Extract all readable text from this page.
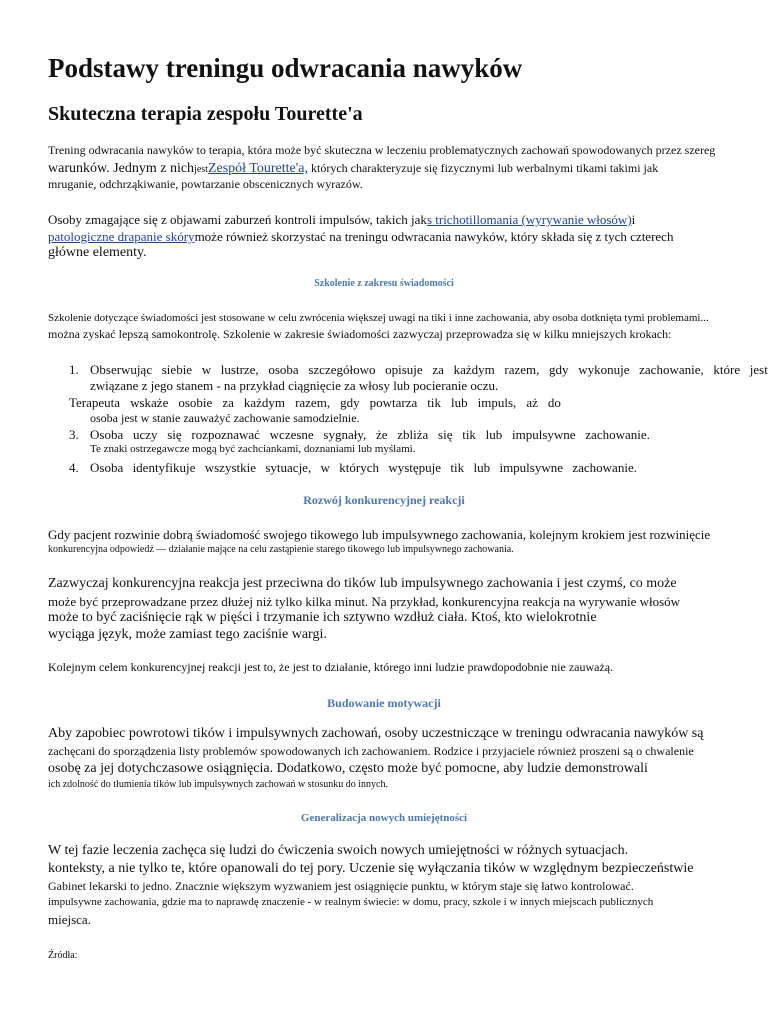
Podstawy treningu odwracania nawyków
Skuteczna terapia zespołu Tourette'a
Trening odwracania nawyków to terapia, która może być skuteczna w leczeniu problematycznych zachowań spowodowanych przez szereg
warunków. Jednym z nichjestZespół Tourette'a, których charakteryzuje się fizycznymi lub werbalnymi tikami takimi jak
mruganie, odchrząkiwanie, powtarzanie obscenicznych wyrazów.
Osoby zmagające się z objawami zaburzeń kontroli impulsów, takich jaks trichotillomania (wyrywanie włosów)i
patologiczne drapanie skórymoże również skorzystać na treningu odwracania nawyków, który składa się z tych czterech
główne elementy.
Szkolenie z zakresu świadomości
Szkolenie dotyczące świadomości jest stosowane w celu zwrócenia większej uwagi na tiki i inne zachowania, aby osoba dotknięta tymi problemami...
można zyskać lepszą samokontrolę. Szkolenie w zakresie świadomości zazwyczaj przeprowadza się w kilku mniejszych krokach:
1. Obserwując siebie w lustrze, osoba szczegółowo opisuje za każdym razem, gdy wykonuje zachowanie, które jest
związane z jego stanem - na przykład ciągnięcie za włosy lub pocieranie oczu.
Terapeuta wskaże osobie za każdym razem, gdy powtarza tik lub impuls, aż do
osoba jest w stanie zauważyć zachowanie samodzielnie.
3. Osoba uczy się rozpoznawać wczesne sygnały, że zbliża się tik lub impulsywne zachowanie.
Te znaki ostrzegawcze mogą być zachciankami, doznaniami lub myślami.
4. Osoba identyfikuje wszystkie sytuacje, w których występuje tik lub impulsywne zachowanie.
Rozwój konkurencyjnej reakcji
Gdy pacjent rozwinie dobrą świadomość swojego tikowego lub impulsywnego zachowania, kolejnym krokiem jest rozwinięcie
konkurencyjna odpowiedź — działanie mające na celu zastąpienie starego tikowego lub impulsywnego zachowania.
Zazwyczaj konkurencyjna reakcja jest przeciwna do tików lub impulsywnego zachowania i jest czymś, co może
może być przeprowadzane przez dłużej niż tylko kilka minut. Na przykład, konkurencyjna reakcja na wyrywanie włosów
może to być zaciśnięcie rąk w pięści i trzymanie ich sztywno wzdłuż ciała. Ktoś, kto wielokrotnie
wyciąga język, może zamiast tego zaciśnie wargi.
Kolejnym celem konkurencyjnej reakcji jest to, że jest to działanie, którego inni ludzie prawdopodobnie nie zauważą.
Budowanie motywacji
Aby zapobiec powrotowi tików i impulsywnych zachowań, osoby uczestniczące w treningu odwracania nawyków są
zachęcani do sporządzenia listy problemów spowodowanych ich zachowaniem. Rodzice i przyjaciele również proszeni są o chwalenie
osobę za jej dotychczasowe osiągnięcia. Dodatkowo, często może być pomocne, aby ludzie demonstrowali
ich zdolność do tłumienia tików lub impulsywnych zachowań w stosunku do innych.
Generalizacja nowych umiejętności
W tej fazie leczenia zachęca się ludzi do ćwiczenia swoich nowych umiejętności w różnych sytuacjach.
konteksty, a nie tylko te, które opanowali do tej pory. Uczenie się wyłączania tików w względnym bezpieczeństwie
Gabinet lekarski to jedno. Znacznie większym wyzwaniem jest osiągnięcie punktu, w którym staje się łatwo kontrolować.
impulsywne zachowania, gdzie ma to naprawdę znaczenie - w realnym świecie: w domu, pracy, szkole i w innych miejscach publicznych
miejsca.
Źródła:
